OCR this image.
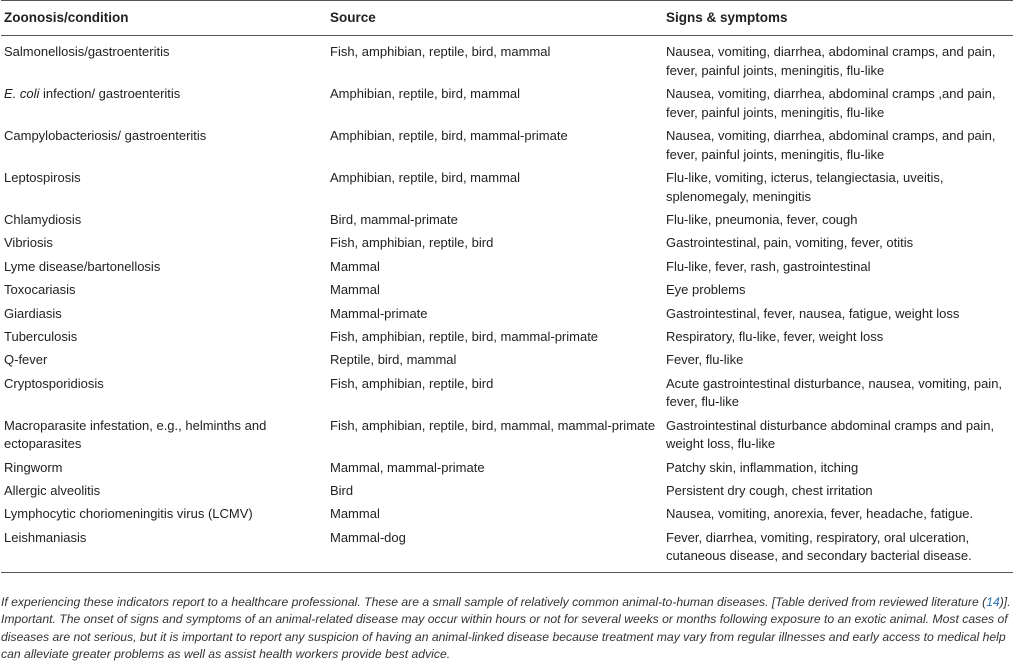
Zoonosis/condition	Source	Signs & symptoms
Salmonellosis/gastroenteritis	Fish, amphibian, reptile, bird, mammal	Nausea, vomiting, diarrhea, abdominal cramps, and pain, fever, painful joints, meningitis, flu-like
E. coli infection/ gastroenteritis	Amphibian, reptile, bird, mammal	Nausea, vomiting, diarrhea, abdominal cramps ,and pain, fever, painful joints, meningitis, flu-like
Campylobacteriosis/ gastroenteritis	Amphibian, reptile, bird, mammal-primate	Nausea, vomiting, diarrhea, abdominal cramps, and pain, fever, painful joints, meningitis, flu-like
Leptospirosis	Amphibian, reptile, bird, mammal	Flu-like, vomiting, icterus, telangiectasia, uveitis, splenomegaly, meningitis
Chlamydiosis	Bird, mammal-primate	Flu-like, pneumonia, fever, cough
Vibriosis	Fish, amphibian, reptile, bird	Gastrointestinal, pain, vomiting, fever, otitis
Lyme disease/bartonellosis	Mammal	Flu-like, fever, rash, gastrointestinal
Toxocariasis	Mammal	Eye problems
Giardiasis	Mammal-primate	Gastrointestinal, fever, nausea, fatigue, weight loss
Tuberculosis	Fish, amphibian, reptile, bird, mammal-primate	Respiratory, flu-like, fever, weight loss
Q-fever	Reptile, bird, mammal	Fever, flu-like
Cryptosporidiosis	Fish, amphibian, reptile, bird	Acute gastrointestinal disturbance, nausea, vomiting, pain, fever, flu-like
Macroparasite infestation, e.g., helminths and ectoparasites	Fish, amphibian, reptile, bird, mammal, mammal-primate	Gastrointestinal disturbance abdominal cramps and pain, weight loss, flu-like
Ringworm	Mammal, mammal-primate	Patchy skin, inflammation, itching
Allergic alveolitis	Bird	Persistent dry cough, chest irritation
Lymphocytic choriomeningitis virus (LCMV)	Mammal	Nausea, vomiting, anorexia, fever, headache, fatigue.
Leishmaniasis	Mammal-dog	Fever, diarrhea, vomiting, respiratory, oral ulceration, cutaneous disease, and secondary bacterial disease.
If experiencing these indicators report to a healthcare professional. These are a small sample of relatively common animal-to-human diseases. [Table derived from reviewed literature (14)]. Important. The onset of signs and symptoms of an animal-related disease may occur within hours or not for several weeks or months following exposure to an exotic animal. Most cases of diseases are not serious, but it is important to report any suspicion of having an animal-linked disease because treatment may vary from regular illnesses and early access to medical help can alleviate greater problems as well as assist health workers provide best advice.
